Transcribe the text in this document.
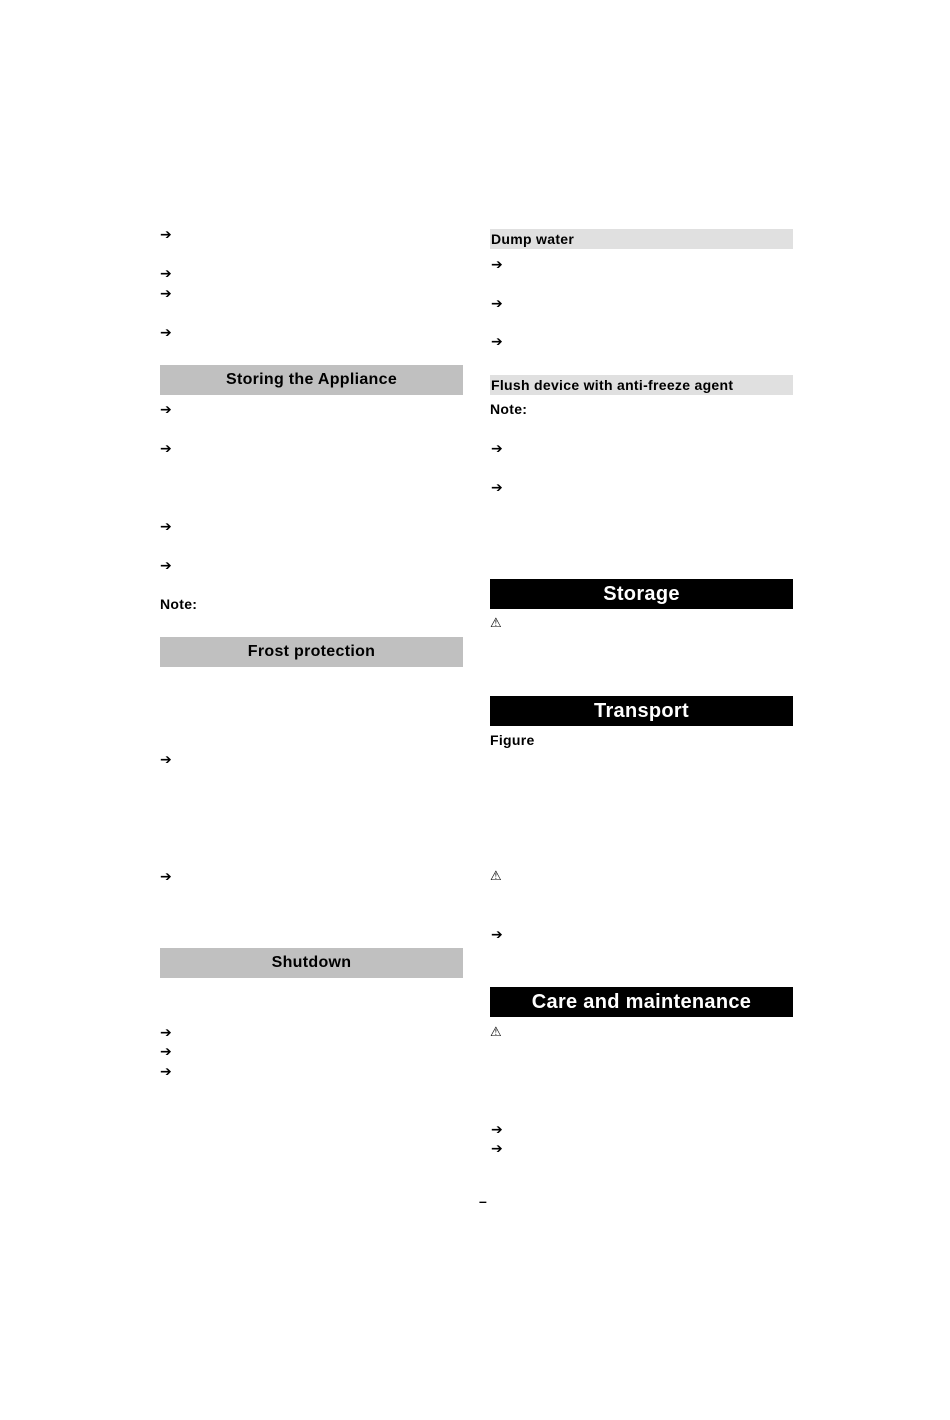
➔
➔
➔
➔
Storing the Appliance
➔
➔
➔
➔
Note:
Frost protection
➔
➔
Shutdown
➔
➔
➔
Dump water
➔
➔
➔
Flush device with anti-freeze agent
Note:
➔
➔
Storage
⚠
Transport
Figure
⚠
➔
Care and maintenance
⚠
➔
➔
–
